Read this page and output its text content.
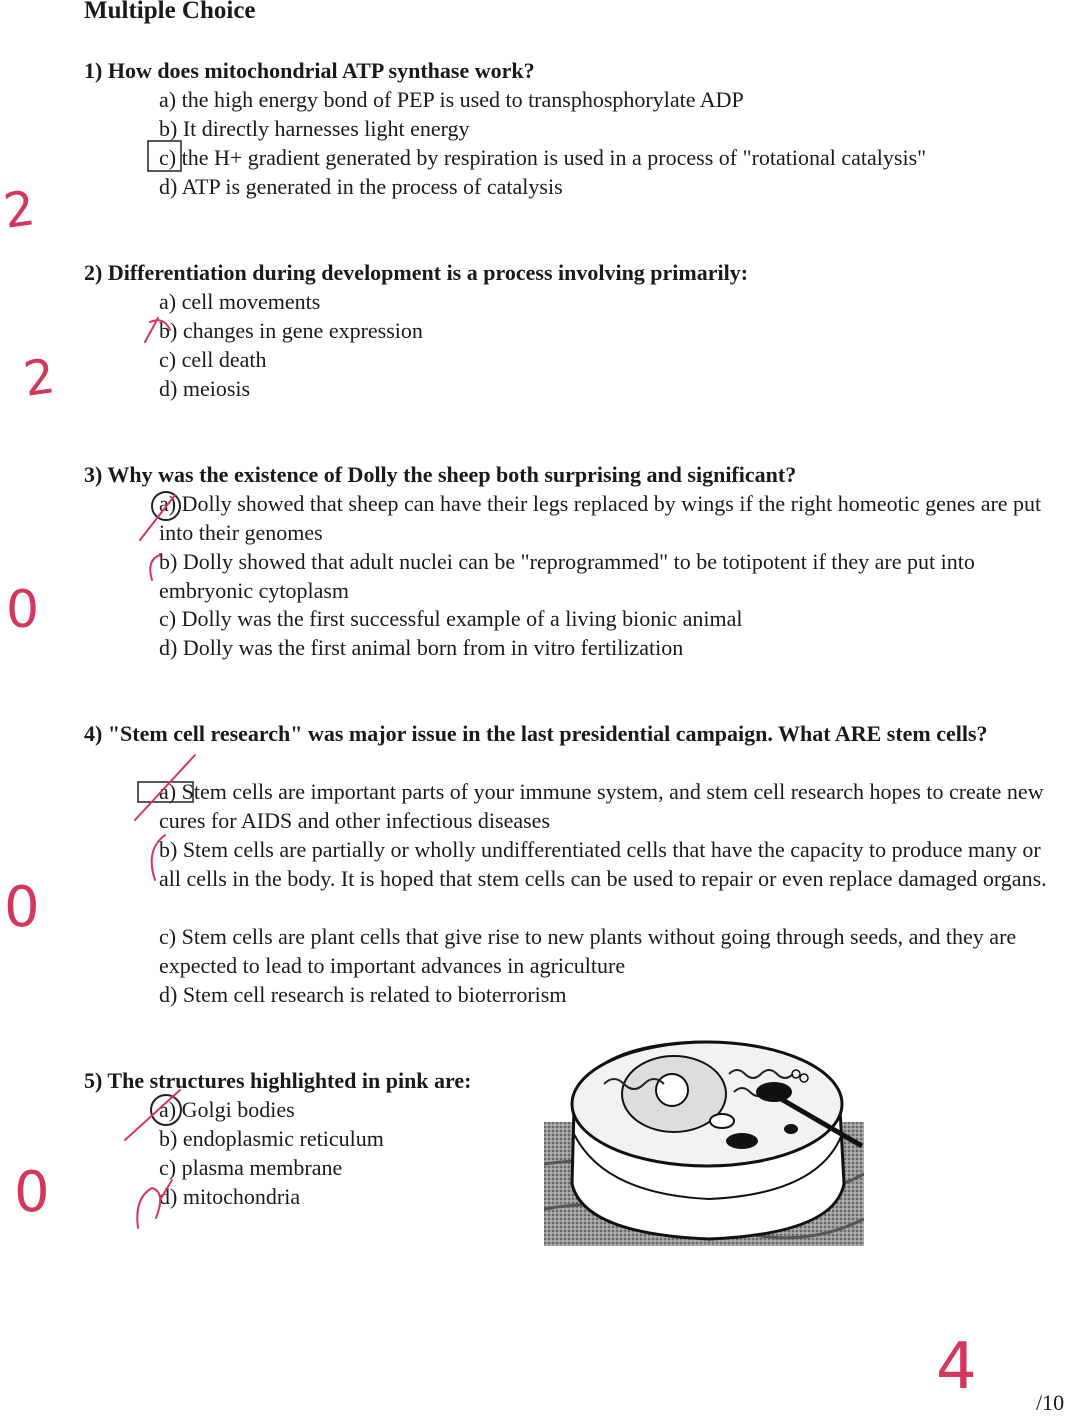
Multiple Choice
1) How does mitochondrial ATP synthase work?
a) the high energy bond of PEP is used to transphosphorylate ADP
b) It directly harnesses light energy
c) the H+ gradient generated by respiration is used in a process of "rotational catalysis"
d) ATP is generated in the process of catalysis
2) Differentiation during development is a process involving primarily:
a) cell movements
b) changes in gene expression
c) cell death
d) meiosis
3) Why was the existence of Dolly the sheep both surprising and significant?
a) Dolly showed that sheep can have their legs replaced by wings if the right homeotic genes are put into their genomes
b) Dolly showed that adult nuclei can be "reprogrammed" to be totipotent if they are put into embryonic cytoplasm
c) Dolly was the first successful example of a living bionic animal
d) Dolly was the first animal born from in vitro fertilization
4) "Stem cell research" was major issue in the last presidential campaign. What ARE stem cells?
a) Stem cells are important parts of your immune system, and stem cell research hopes to create new cures for AIDS and other infectious diseases
b) Stem cells are partially or wholly undifferentiated cells that have the capacity to produce many or all cells in the body. It is hoped that stem cells can be used to repair or even replace damaged organs.
c) Stem cells are plant cells that give rise to new plants without going through seeds, and they are expected to lead to important advances in agriculture
d) Stem cell research is related to bioterrorism
5) The structures highlighted in pink are:
a) Golgi bodies
b) endoplasmic reticulum
c) plasma membrane
d) mitochondria
2
2
0
0
0
4	/10
